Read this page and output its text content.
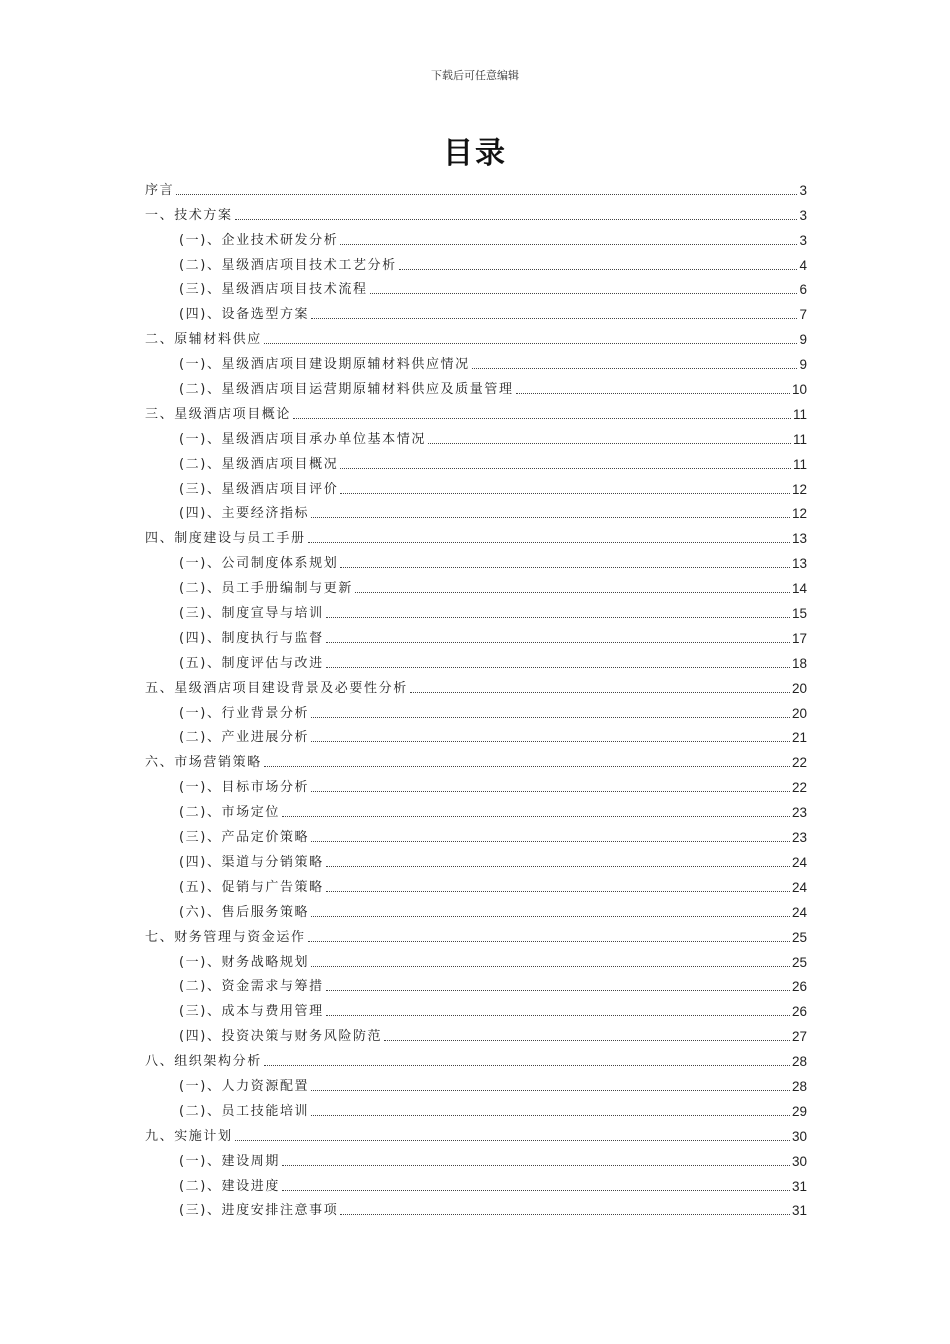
下载后可任意编辑
目录
序言	3
一、技术方案	3
(一)、企业技术研发分析	3
(二)、星级酒店项目技术工艺分析	4
(三)、星级酒店项目技术流程	6
(四)、设备选型方案	7
二、原辅材料供应	9
(一)、星级酒店项目建设期原辅材料供应情况	9
(二)、星级酒店项目运营期原辅材料供应及质量管理	10
三、星级酒店项目概论	11
(一)、星级酒店项目承办单位基本情况	11
(二)、星级酒店项目概况	11
(三)、星级酒店项目评价	12
(四)、主要经济指标	12
四、制度建设与员工手册	13
(一)、公司制度体系规划	13
(二)、员工手册编制与更新	14
(三)、制度宣导与培训	15
(四)、制度执行与监督	17
(五)、制度评估与改进	18
五、星级酒店项目建设背景及必要性分析	20
(一)、行业背景分析	20
(二)、产业进展分析	21
六、市场营销策略	22
(一)、目标市场分析	22
(二)、市场定位	23
(三)、产品定价策略	23
(四)、渠道与分销策略	24
(五)、促销与广告策略	24
(六)、售后服务策略	24
七、财务管理与资金运作	25
(一)、财务战略规划	25
(二)、资金需求与筹措	26
(三)、成本与费用管理	26
(四)、投资决策与财务风险防范	27
八、组织架构分析	28
(一)、人力资源配置	28
(二)、员工技能培训	29
九、实施计划	30
(一)、建设周期	30
(二)、建设进度	31
(三)、进度安排注意事项	31
